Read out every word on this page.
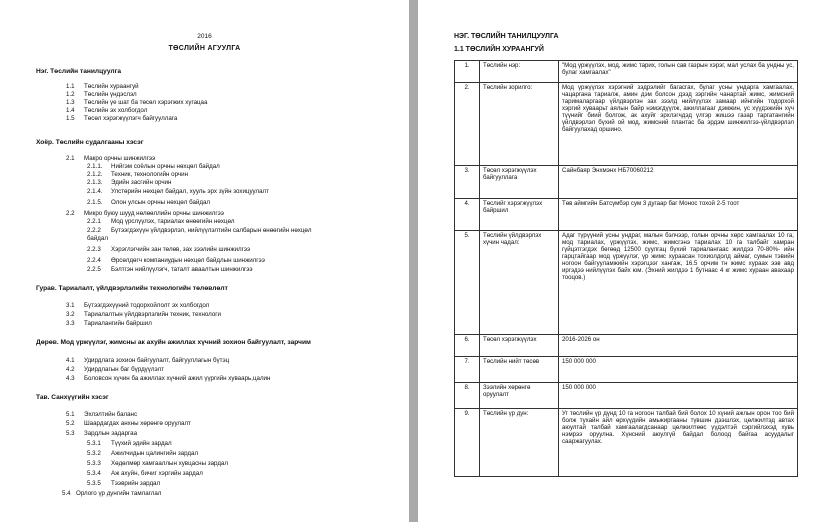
2016
ТӨСЛИЙН АГУУЛГА
Нэг. Төслийн танилцуулга
1.1 Төслийн хураангуй
1.2 Төслийн үндэслэл
1.3 Төслийн үе шат ба төсөл хэрэгжих хугацаа
1.4 Төслийн эх холбогдол
1.5 Төсөл хэрэгжүүлэгч байгууллага
Хоёр. Төслийн судалгааны хэсэг
2.1 Макро орчны шинжилгээ
2.1.1. Нийгэм соёлын орчны нөхцөл байдал
2.1.2. Техник, технологийн орчин
2.1.3. Эдийн засгийн орчин
2.1.4. Улстөрийн нөхцөл байдал, хууль эрх зүйн зохицуулалт
2.1.5. Олон улсын орчны нөхцөл байдал
2.2 Микро буюу шууд нөлөөллийн орчны шинжилгээ
2.2.1 Мод үрслүүлэх, тариалах өнөөгийн нөхцөл
2.2.2 Бүтээгдэхүүн үйлдвэрлэл, нийлүүлэлтийн салбарын өнөөгийн нөхцөл
байдал
2.2.3 Хэрэглэгчийн зан төлөв, зах зээлийн шинжилгээ
2.2.4 Өрсөлдөгч компаниудын нөхцөл байдлын шинжилгээ
2.2.5 Бэлтгэн нийлүүлэгч, таталт аваалтын шинжилгээ
Гурав. Тариалалт, үйлдвэрлэлийн технологийн төлөвлөлт
3.1 Бүтээгдэхүүний тодорхойлолт эх холбогдол
3.2 Тариалалтын үйлдвэрлэлийн техник, технологи
3.3 Тариалангийн байршил
Дөрөв. Мод үржүүлэг, жимсны ак ахуйн ажиллах хүчний зохион байгуулалт, зарчим
4.1 Удирдлага зохион байгуулалт, байгууллагын бүтэц
4.2 Удирдлагын баг бүрдүүлэлт
4.3 Боловсон хүчин ба ажиллах хүчний ажил үүргийн хуваарь,цалин
Тав. Санхүүгийн хэсэг
5.1 Эхлэлтийн баланс
5.2 Шаардагдах анхны хөрөнгө оруулалт
5.3 Зардлын задаргаа
5.3.1 Түүхий эдийн зардал
5.3.2 Ажилчидын цалингийн зардал
5.3.3 Хөдөлмөр хамгааллын хувцасны зардал
5.3.4 Аж ахуйн, бичиг хэргийн зардал
5.3.5 Тээврийн зардал
5.4 Орлого үр дүнгийн тамлаглал
НЭГ. ТӨСЛИЙН ТАНИЛЦУУЛГА
1.1 ТӨСЛИЙН ХУРААНГУЙ
1.	Төслийн нэр:	"Мод үржүүлэх, мод, жимс тарих, голын сав газрын хэрэг, мал услах ба ундны ус, булаг хамгаалах"
2.	Төслийн зорилго:	Мод үржүүлэх хэрэгний зэдрэлийг багасгах, булаг усны ундарга хамгаалах, чацаргана тариалж, амин дэм болсон дээд зэргийн чанартай жимс, жимсний тарималаргаар үйлдвэрлэн зах зээлд нийлүүлэх замаар ийнгийн тодорхой хэргий хуваарьт аялын байр нэмэгдүүлж, ажиллагааг дэмжин, ус хүүдэжийн хүч түүнийг биий болгож, ак ахуйг эрхлэгчдэд үлгэр жишээ газар таргатангийн үйлдвэрлэл бүхий ой мод, жимсний плантас ба эрдэм шинжилгээ-үйлдвэрлэл байгуулахад оршино.
3.	Төсөл хэрэгжүүлэх байгууллага	Сайнбаяр Энхмэнх НБ70060212
4.	Төслийг хэрэгжүүлэх байршил	Төв аймгийн Батсүмбэр сум 3 дугаар баг Монос тохой 2-5 тоот
5.	Төслийн үйлдвэрлэх хүчин чадал:	Адаг түрүүний усны ундраг, малын бэлчээр, голын орчны хөрс хамгаалах 10 га, мод тариалах, үржүүлэх, жимс, жимсгэнэ тариалах 10 га талбайг хамран гүйцэтгэгдэх бөгөөд 12500 суулгац бүхий тариалангаас жилдээ 70-80%- ийн гарцтайгаар мод үржүүлэг, үр жимс хураасан тохиолдолд аймаг, сумын тэвийн ногоон байгууламжийн хэрэгцээг хангаж, 16.5 орчим тн жимс хураах ээв авд иргэдээ нийлүүлэх байх юм. (Эхний жилдээ 1 бутнаас 4 кг жимс хураан авахаар тооцов.)
6.	Төсөл хэрэгжүүлэх	2016-2026 он
7.	Төслийн нийт төсөв	150 000 000
8.	Зээлийн хөрөнгө оруулалт	150 000 000
9.	Төслийн үр дүн:	Уг төслийн үр дүнд 10 га ногоон талбай бий болох 10 хүний ажлын орон тоо бий болж тухайн айл өрхүүдийн амьжиргааны түвшин дээшлэх, цөлжилтэд автах аюултай талбай хамгаалагдсанаар цөлжилтөөс үүдэлтэй сэргийлэхэд хувь нэмрээ оруулна. Хүнсний аюулгүй байдал болоод байгаа асуудалыг сааржагуулах.
